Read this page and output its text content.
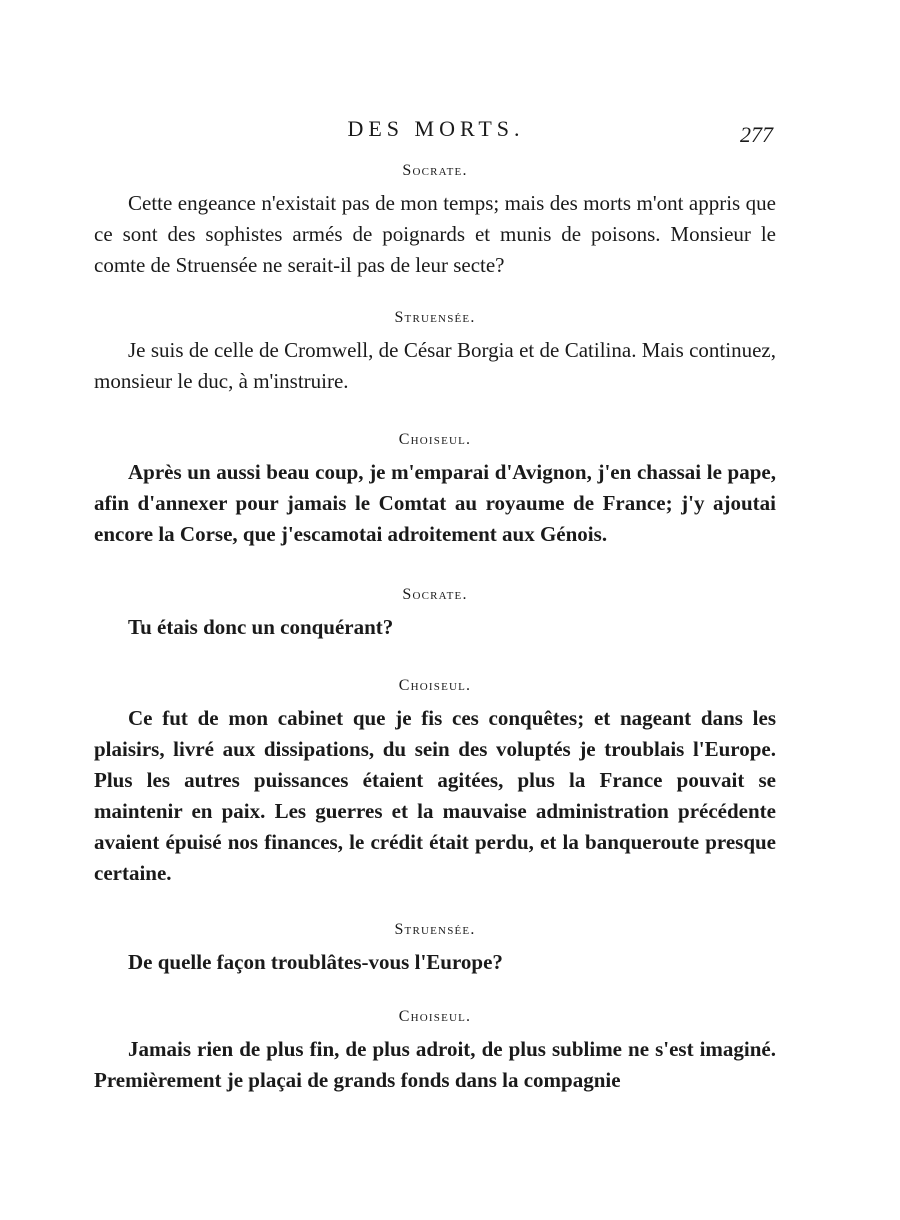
DES MORTS.	277
Socrate.

Cette engeance n'existait pas de mon temps; mais des morts m'ont appris que ce sont des sophistes armés de poignards et munis de poisons. Monsieur le comte de Struensée ne serait-il pas de leur secte?

Struensée.

Je suis de celle de Cromwell, de César Borgia et de Catilina. Mais continuez, monsieur le duc, à m'instruire.

Choiseul.

Après un aussi beau coup, je m'emparai d'Avignon, j'en chassai le pape, afin d'annexer pour jamais le Comtat au royaume de France; j'y ajoutai encore la Corse, que j'escamotai adroitement aux Génois.

Socrate.

Tu étais donc un conquérant?

Choiseul.

Ce fut de mon cabinet que je fis ces conquêtes; et nageant dans les plaisirs, livré aux dissipations, du sein des voluptés je troublais l'Europe. Plus les autres puissances étaient agitées, plus la France pouvait se maintenir en paix. Les guerres et la mauvaise administration précédente avaient épuisé nos finances, le crédit était perdu, et la banqueroute presque certaine.

Struensée.

De quelle façon troublâtes-vous l'Europe?

Choiseul.

Jamais rien de plus fin, de plus adroit, de plus sublime ne s'est imaginé. Premièrement je plaçai de grands fonds dans la compagnie
